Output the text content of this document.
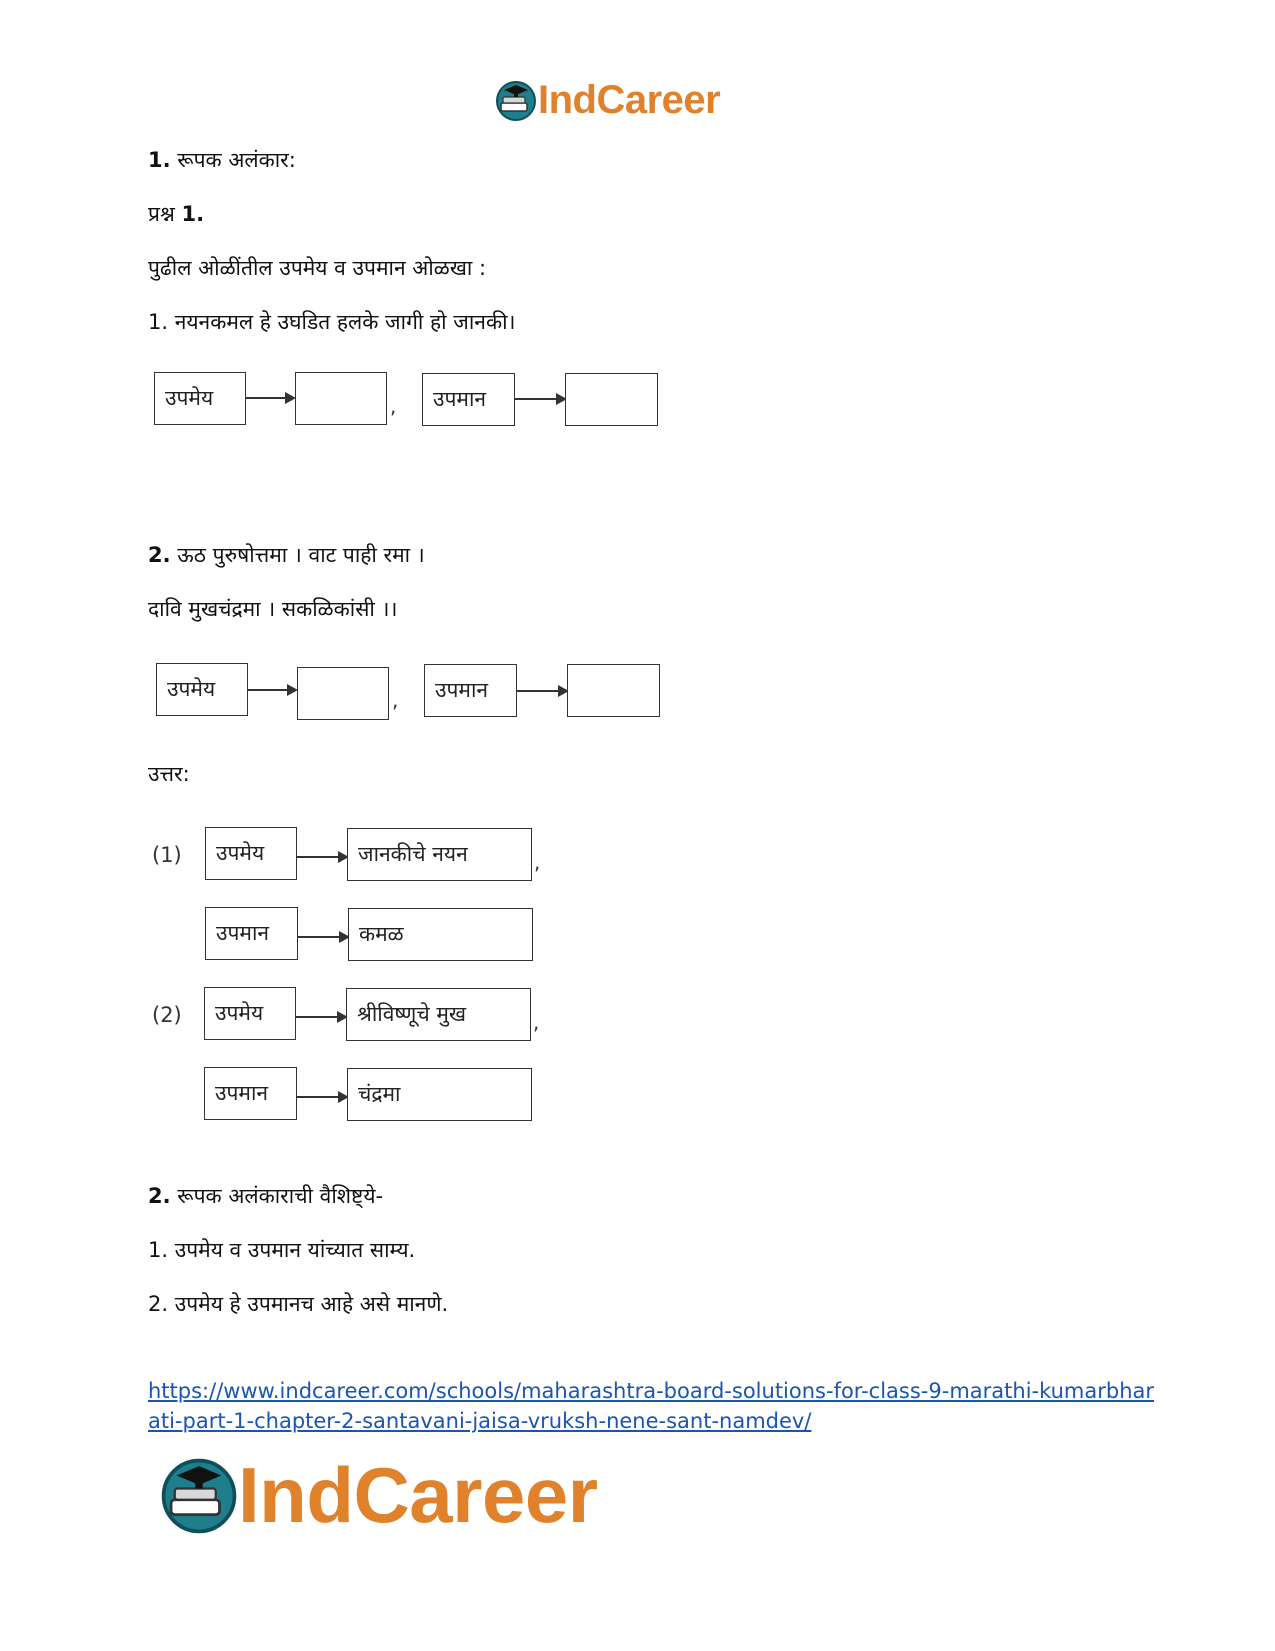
IndCareer
1. रूपक अलंकार:
प्रश्न 1.
पुढील ओळींतील उपमेय व उपमान ओळखा :
1. नयनकमल हे उघडित हलके जागी हो जानकी।
उपमेय	,	उपमान
2. ऊठ पुरुषोत्तमा । वाट पाही रमा ।
दावि मुखचंद्रमा । सकळिकांसी ।।
उपमेय	,	उपमान
उत्तर:
(1)	उपमेय	जानकीचे नयन	,
उपमान	कमळ
(2)	उपमेय	श्रीविष्णूचे मुख	,
उपमान	चंद्रमा
2. रूपक अलंकाराची वैशिष्ट्ये-
1. उपमेय व उपमान यांच्यात साम्य.
2. उपमेय हे उपमानच आहे असे मानणे.
https://www.indcareer.com/schools/maharashtra-board-solutions-for-class-9-marathi-kumarbhar
ati-part-1-chapter-2-santavani-jaisa-vruksh-nene-sant-namdev/
IndCareer
